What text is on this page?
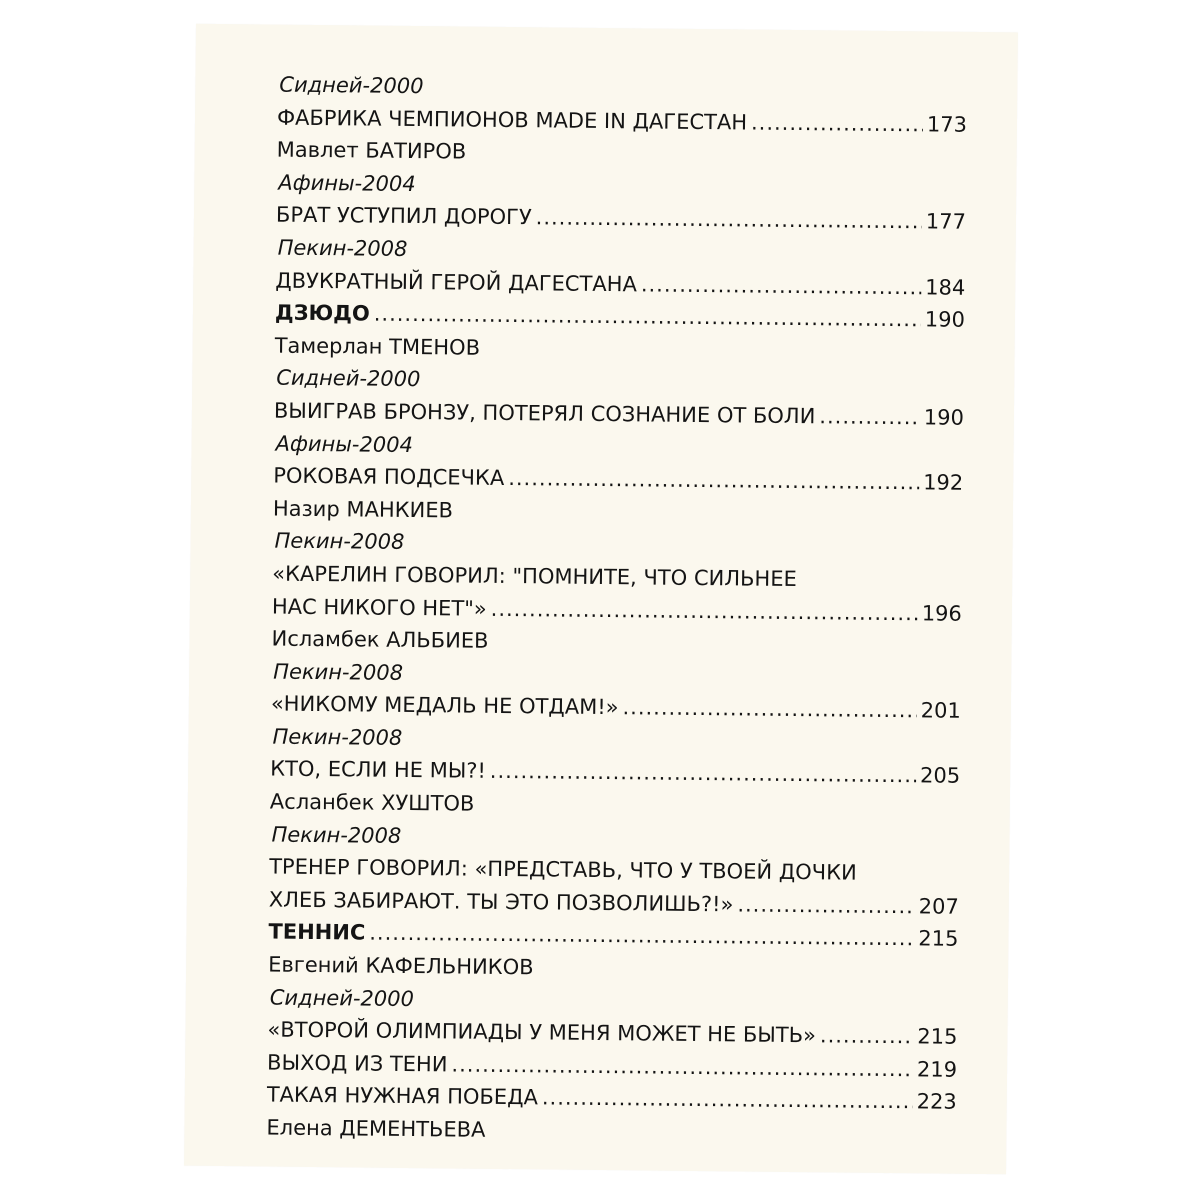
Сидней-2000
ФАБРИКА ЧЕМПИОНОВ MADE IN ДАГЕСТАН .....	173
Мавлет БАТИРОВ
Афины-2004
БРАТ УСТУПИЛ ДОРОГУ .....	177
Пекин-2008
ДВУКРАТНЫЙ ГЕРОЙ ДАГЕСТАНА .....	184
ДЗЮДО .....	190
Тамерлан ТМЕНОВ
Сидней-2000
ВЫИГРАВ БРОНЗУ, ПОТЕРЯЛ СОЗНАНИЕ ОТ БОЛИ .....	190
Афины-2004
РОКОВАЯ ПОДСЕЧКА .....	192
Назир МАНКИЕВ
Пекин-2008
«КАРЕЛИН ГОВОРИЛ: "ПОМНИТЕ, ЧТО СИЛЬНЕЕ
НАС НИКОГО НЕТ"» .....	196
Исламбек АЛЬБИЕВ
Пекин-2008
«НИКОМУ МЕДАЛЬ НЕ ОТДАМ!» .....	201
Пекин-2008
КТО, ЕСЛИ НЕ МЫ?! .....	205
Асланбек ХУШТОВ
Пекин-2008
ТРЕНЕР ГОВОРИЛ: «ПРЕДСТАВЬ, ЧТО У ТВОЕЙ ДОЧКИ
ХЛЕБ ЗАБИРАЮТ. ТЫ ЭТО ПОЗВОЛИШЬ?!» .....	207
ТЕННИС .....	215
Евгений КАФЕЛЬНИКОВ
Сидней-2000
«ВТОРОЙ ОЛИМПИАДЫ У МЕНЯ МОЖЕТ НЕ БЫТЬ» .....	215
ВЫХОД ИЗ ТЕНИ .....	219
ТАКАЯ НУЖНАЯ ПОБЕДА .....	223
Елена ДЕМЕНТЬЕВА
